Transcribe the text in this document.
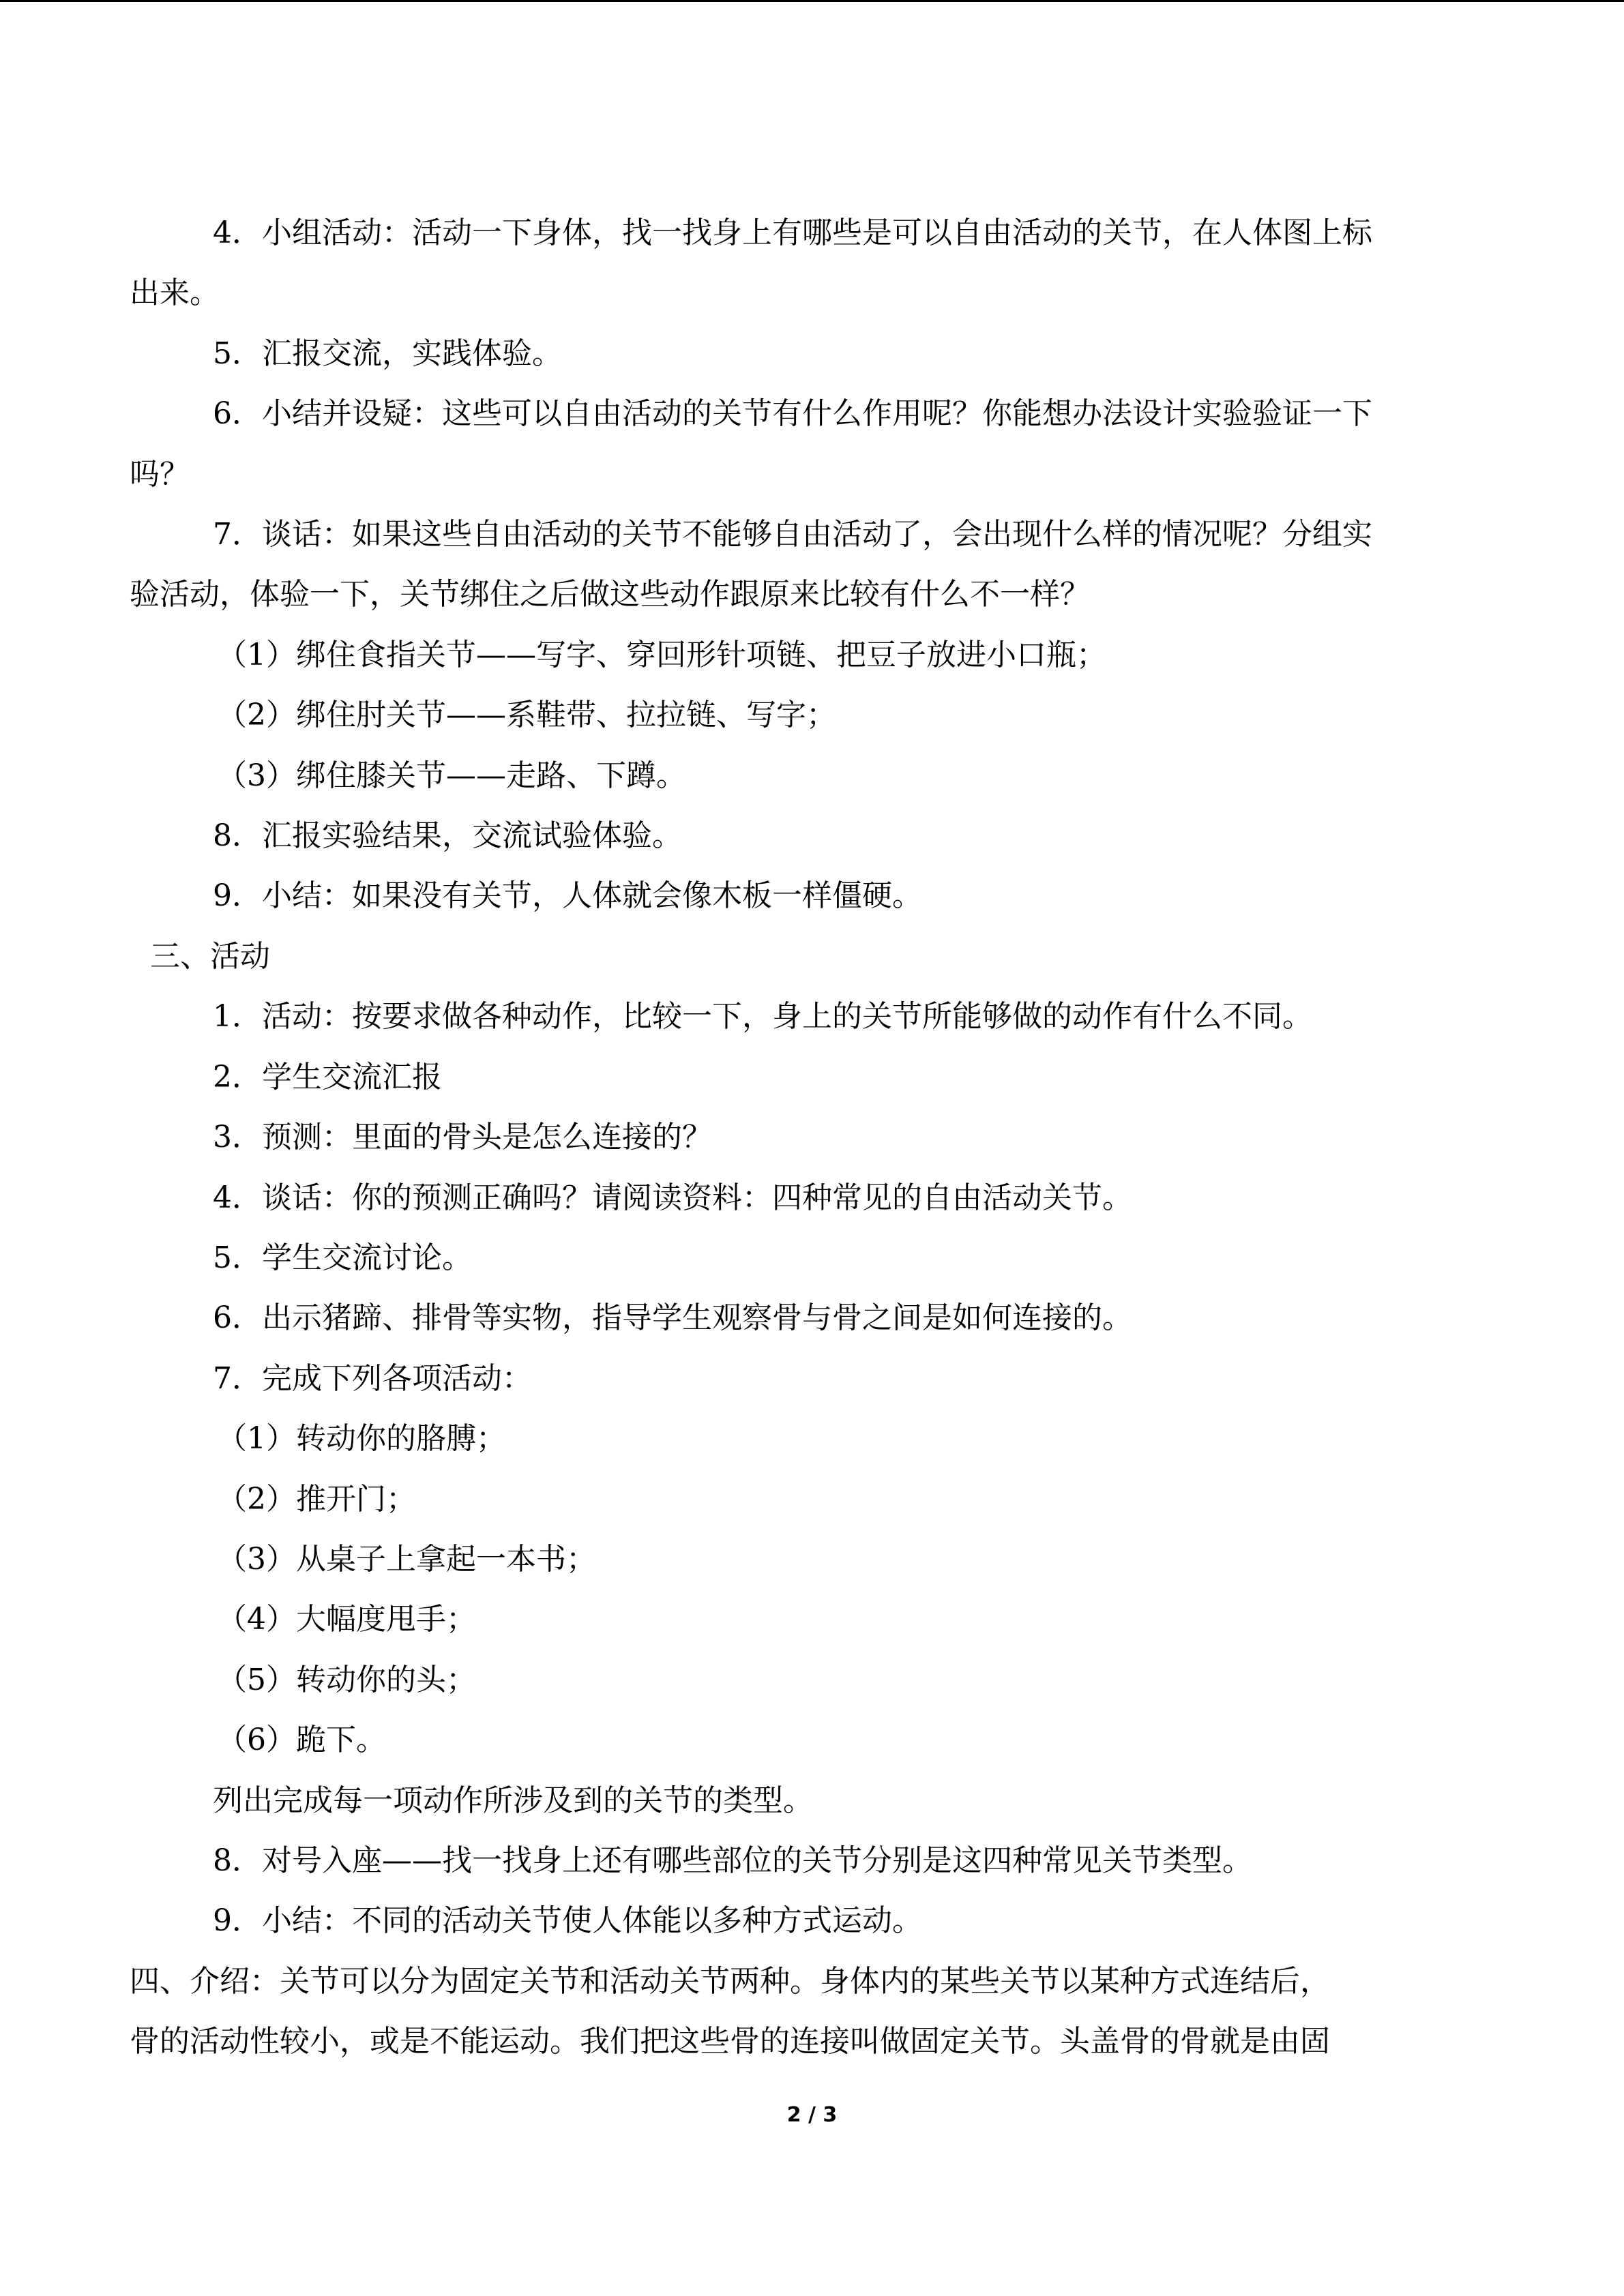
4．小组活动：活动一下身体，找一找身上有哪些是可以自由活动的关节，在人体图上标

出来。

5．汇报交流，实践体验。

6．小结并设疑：这些可以自由活动的关节有什么作用呢？你能想办法设计实验验证一下

吗？

7．谈话：如果这些自由活动的关节不能够自由活动了，会出现什么样的情况呢？分组实

验活动，体验一下，关节绑住之后做这些动作跟原来比较有什么不一样？

（1）绑住食指关节——写字、穿回形针项链、把豆子放进小口瓶；

（2）绑住肘关节——系鞋带、拉拉链、写字；

（3）绑住膝关节——走路、下蹲。

8．汇报实验结果，交流试验体验。

9．小结：如果没有关节，人体就会像木板一样僵硬。

三、活动

1．活动：按要求做各种动作，比较一下，身上的关节所能够做的动作有什么不同。

2．学生交流汇报

3．预测：里面的骨头是怎么连接的？

4．谈话：你的预测正确吗？请阅读资料：四种常见的自由活动关节。

5．学生交流讨论。

6．出示猪蹄、排骨等实物，指导学生观察骨与骨之间是如何连接的。

7．完成下列各项活动：

（1）转动你的胳膊；

（2）推开门；

（3）从桌子上拿起一本书；

（4）大幅度甩手；

（5）转动你的头；

（6）跪下。

列出完成每一项动作所涉及到的关节的类型。

8．对号入座——找一找身上还有哪些部位的关节分别是这四种常见关节类型。

9．小结：不同的活动关节使人体能以多种方式运动。

四、介绍：关节可以分为固定关节和活动关节两种。身体内的某些关节以某种方式连结后，

骨的活动性较小，或是不能运动。我们把这些骨的连接叫做固定关节。头盖骨的骨就是由固

2 / 3
